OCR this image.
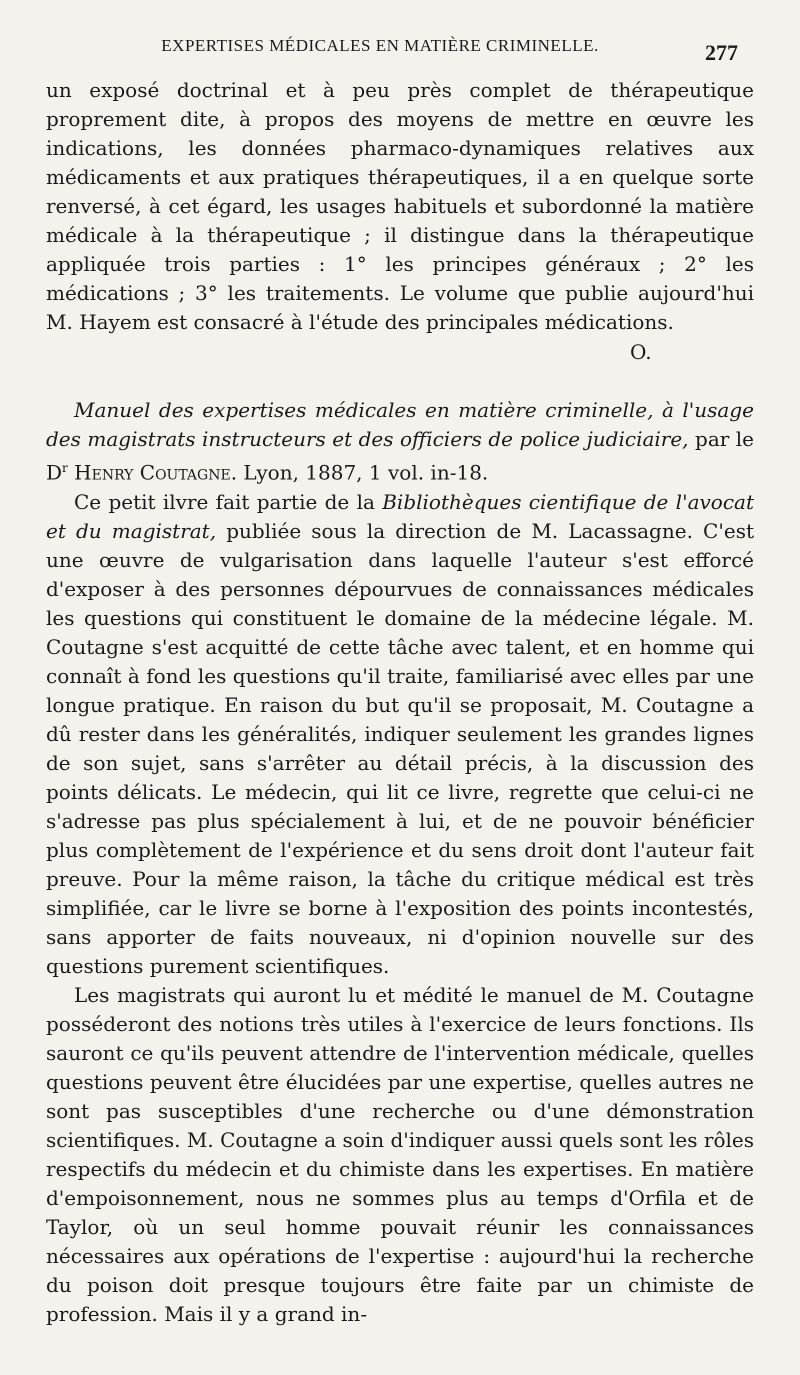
EXPERTISES MÉDICALES EN MATIÈRE CRIMINELLE.	277

un exposé doctrinal et à peu près complet de thérapeutique proprement dite, à propos des moyens de mettre en œuvre les indications, les données pharmaco-dynamiques relatives aux médicaments et aux pratiques thérapeutiques, il a en quelque sorte renversé, à cet égard, les usages habituels et subordonné la matière médicale à la thérapeutique ; il distingue dans la thérapeutique appliquée trois parties : 1° les principes généraux ; 2° les médications ; 3° les traitements. Le volume que publie aujourd'hui M. Hayem est consacré à l'étude des principales médications.

O.

Manuel des expertises médicales en matière criminelle, à l'usage des magistrats instructeurs et des officiers de police judiciaire, par le $D^r$ Henry Coutagne. Lyon, 1887, 1 vol. in-18.

Ce petit ilvre fait partie de la Bibliothèques cientifique de l'avocat et du magistrat, publiée sous la direction de M. Lacassagne. C'est une œuvre de vulgarisation dans laquelle l'auteur s'est efforcé d'exposer à des personnes dépourvues de connaissances médicales les questions qui constituent le domaine de la médecine légale. M. Coutagne s'est acquitté de cette tâche avec talent, et en homme qui connaît à fond les questions qu'il traite, familiarisé avec elles par une longue pratique. En raison du but qu'il se proposait, M. Coutagne a dû rester dans les généralités, indiquer seulement les grandes lignes de son sujet, sans s'arrêter au détail précis, à la discussion des points délicats. Le médecin, qui lit ce livre, regrette que celui-ci ne s'adresse pas plus spécialement à lui, et de ne pouvoir bénéficier plus complètement de l'expérience et du sens droit dont l'auteur fait preuve. Pour la même raison, la tâche du critique médical est très simplifiée, car le livre se borne à l'exposition des points incontestés, sans apporter de faits nouveaux, ni d'opinion nouvelle sur des questions purement scientifiques.

Les magistrats qui auront lu et médité le manuel de M. Coutagne posséderont des notions très utiles à l'exercice de leurs fonctions. Ils sauront ce qu'ils peuvent attendre de l'intervention médicale, quelles questions peuvent être élucidées par une expertise, quelles autres ne sont pas susceptibles d'une recherche ou d'une démonstration scientifiques. M. Coutagne a soin d'indiquer aussi quels sont les rôles respectifs du médecin et du chimiste dans les expertises. En matière d'empoisonnement, nous ne sommes plus au temps d'Orfila et de Taylor, où un seul homme pouvait réunir les connaissances nécessaires aux opérations de l'expertise : aujourd'hui la recherche du poison doit presque toujours être faite par un chimiste de profession. Mais il y a grand in-
